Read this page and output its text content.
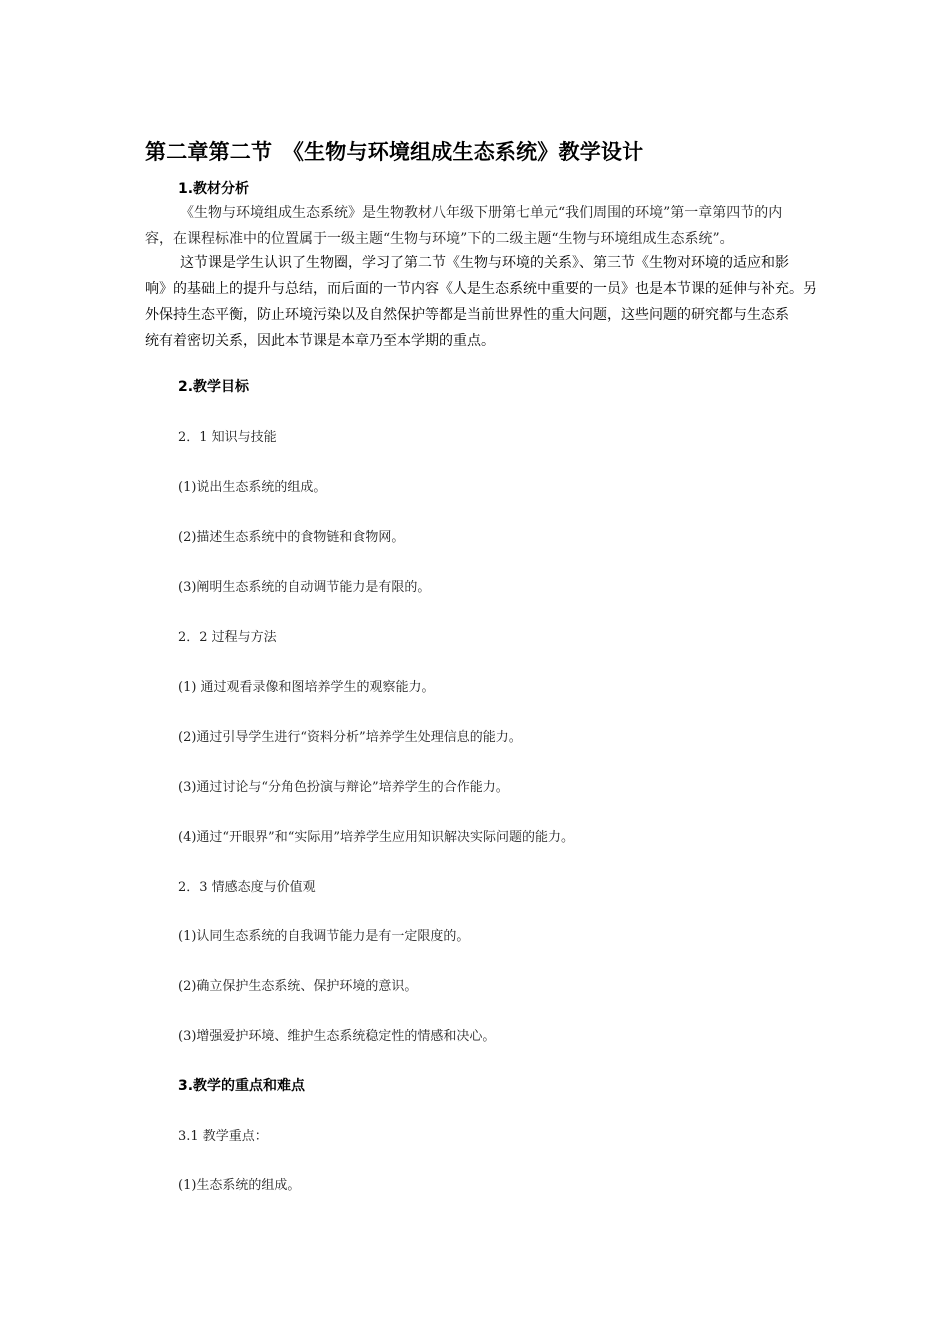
第二章第二节　《生物与环境组成生态系统》教学设计
1.教材分析
《生物与环境组成生态系统》是生物教材八年级下册第七单元“我们周围的环境”第一章第四节的内
容，在课程标准中的位置属于一级主题“生物与环境”下的二级主题“生物与环境组成生态系统”。
这节课是学生认识了生物圈，学习了第二节《生物与环境的关系》、第三节《生物对环境的适应和影
响》的基础上的提升与总结，而后面的一节内容《人是生态系统中重要的一员》也是本节课的延伸与补充。另
外保持生态平衡，防止环境污染以及自然保护等都是当前世界性的重大问题，这些问题的研究都与生态系
统有着密切关系，因此本节课是本章乃至本学期的重点。
2.教学目标
2．1 知识与技能
(1)说出生态系统的组成。
(2)描述生态系统中的食物链和食物网。
(3)阐明生态系统的自动调节能力是有限的。
2．2 过程与方法
(1) 通过观看录像和图培养学生的观察能力。
(2)通过引导学生进行“资料分析”培养学生处理信息的能力。
(3)通过讨论与“分角色扮演与辩论”培养学生的合作能力。
(4)通过“开眼界”和“实际用”培养学生应用知识解决实际问题的能力。
2．3 情感态度与价值观
(1)认同生态系统的自我调节能力是有一定限度的。
(2)确立保护生态系统、保护环境的意识。
(3)增强爱护环境、维护生态系统稳定性的情感和决心。
3.教学的重点和难点
3.1 教学重点：
(1)生态系统的组成。
